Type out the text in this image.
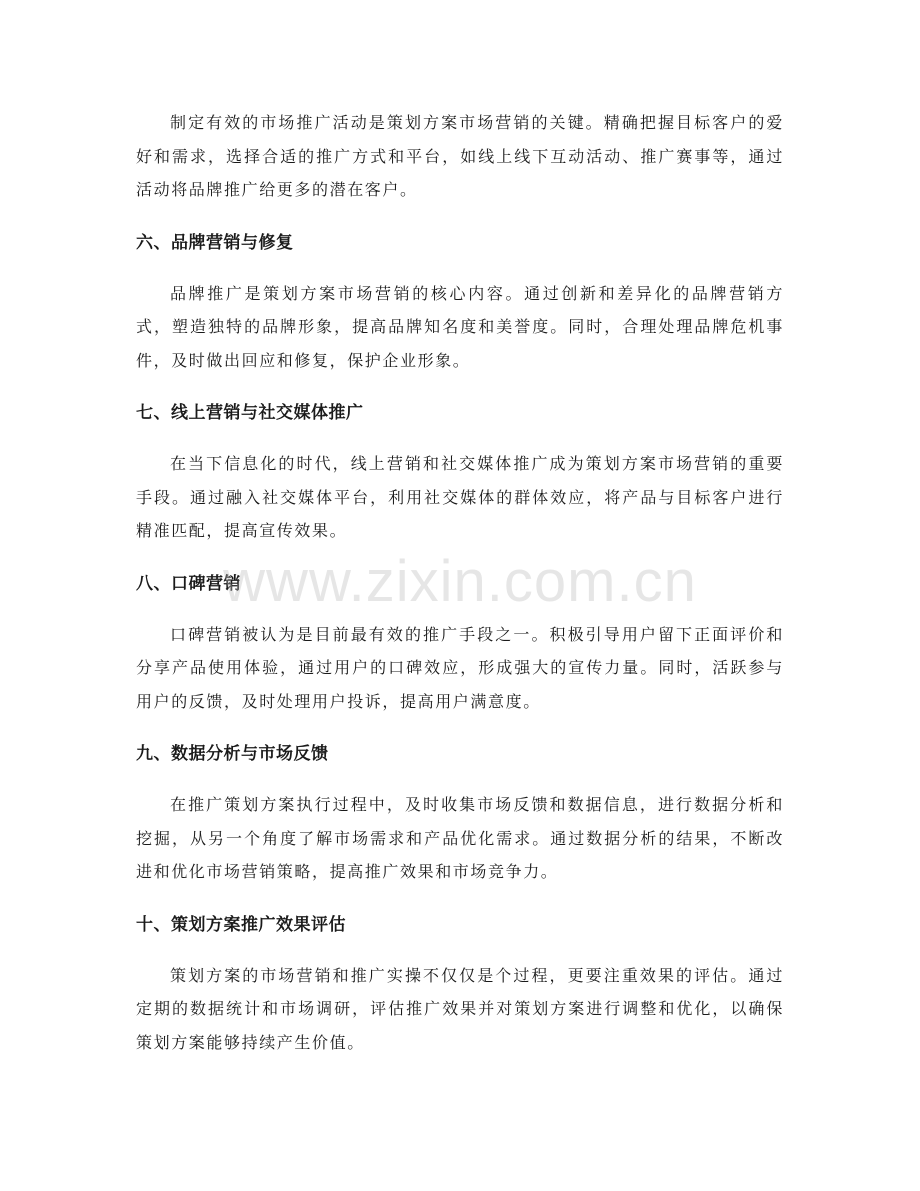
制定有效的市场推广活动是策划方案市场营销的关键。精确把握目标客户的爱好和需求，选择合适的推广方式和平台，如线上线下互动活动、推广赛事等，通过活动将品牌推广给更多的潜在客户。

六、品牌营销与修复

品牌推广是策划方案市场营销的核心内容。通过创新和差异化的品牌营销方式，塑造独特的品牌形象，提高品牌知名度和美誉度。同时，合理处理品牌危机事件，及时做出回应和修复，保护企业形象。

七、线上营销与社交媒体推广

在当下信息化的时代，线上营销和社交媒体推广成为策划方案市场营销的重要手段。通过融入社交媒体平台，利用社交媒体的群体效应，将产品与目标客户进行精准匹配，提高宣传效果。

八、口碑营销

口碑营销被认为是目前最有效的推广手段之一。积极引导用户留下正面评价和分享产品使用体验，通过用户的口碑效应，形成强大的宣传力量。同时，活跃参与用户的反馈，及时处理用户投诉，提高用户满意度。

九、数据分析与市场反馈

在推广策划方案执行过程中，及时收集市场反馈和数据信息，进行数据分析和挖掘，从另一个角度了解市场需求和产品优化需求。通过数据分析的结果，不断改进和优化市场营销策略，提高推广效果和市场竞争力。

十、策划方案推广效果评估

策划方案的市场营销和推广实操不仅仅是个过程，更要注重效果的评估。通过定期的数据统计和市场调研，评估推广效果并对策划方案进行调整和优化，以确保策划方案能够持续产生价值。

www.zixin.com.cn
